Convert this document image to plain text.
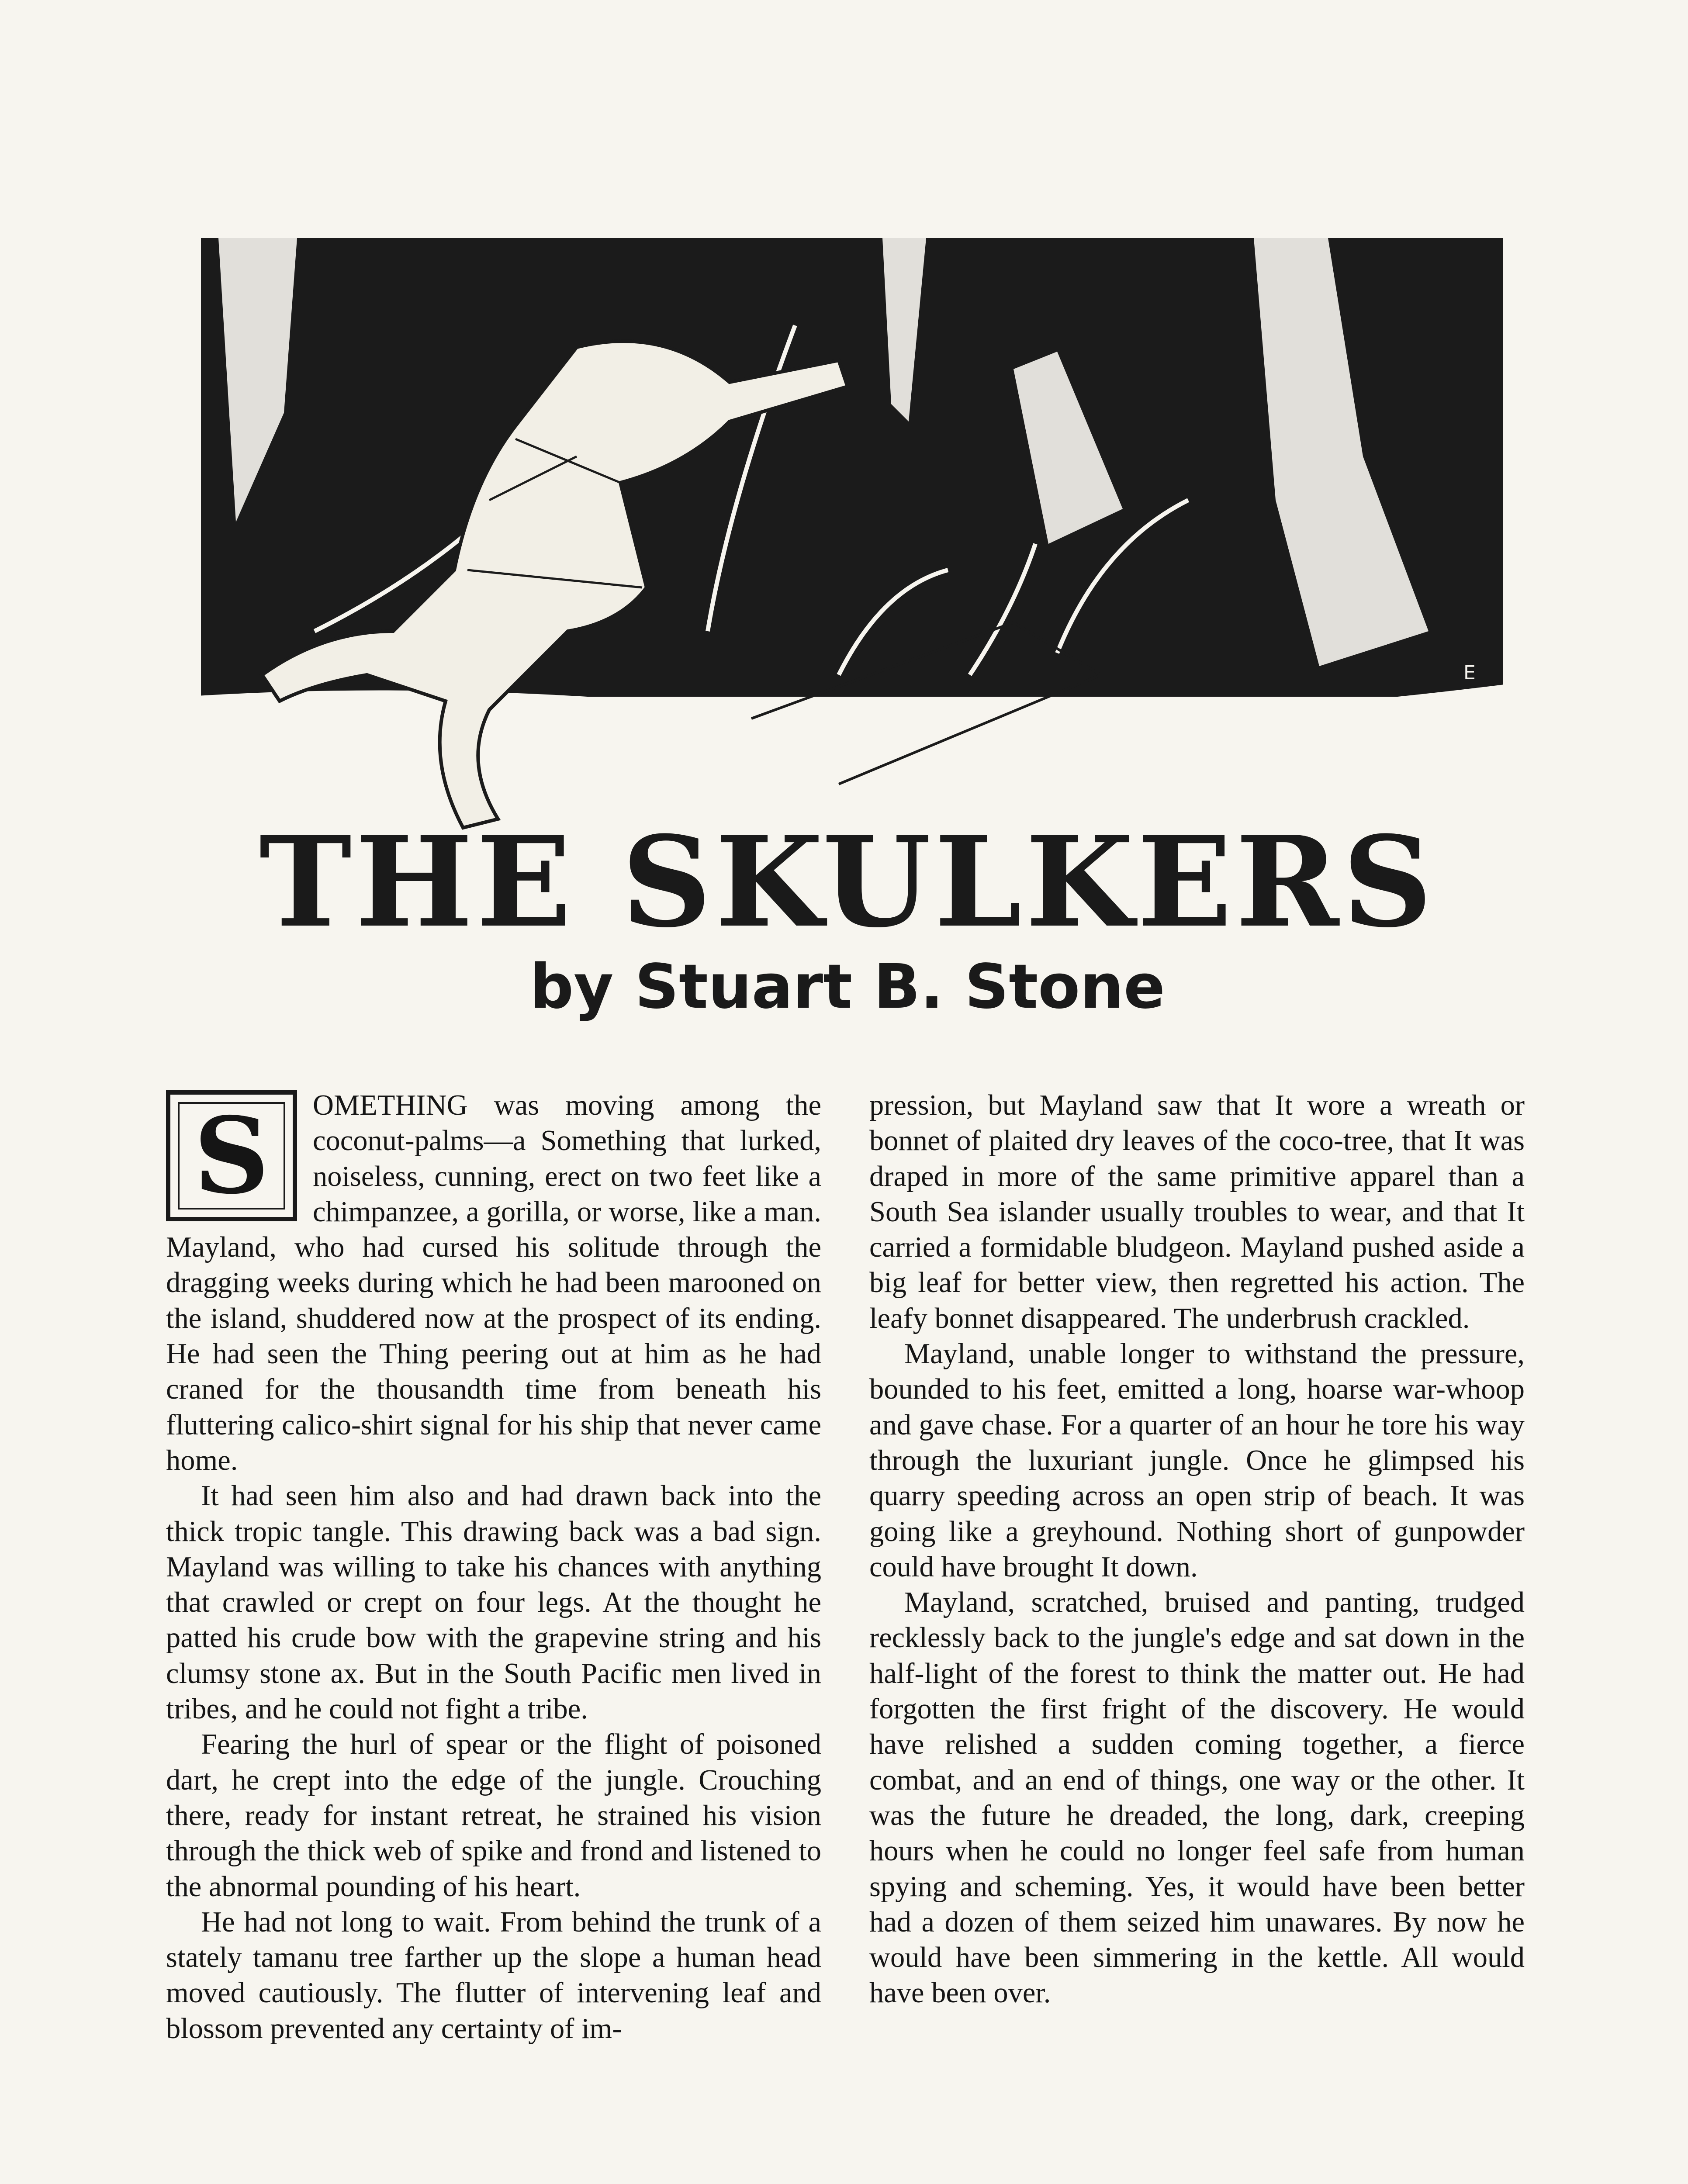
E
THE SKULKERS
by Stuart B. Stone

S	OMETHING was moving among the coconut-palms—a Something that lurked, noiseless, cunning, erect on two feet like a chimpanzee, a gorilla, or worse, like a man. Mayland, who had cursed his solitude through the dragging weeks during which he had been marooned on the island, shuddered now at the prospect of its ending. He had seen the Thing peering out at him as he had craned for the thousandth time from beneath his fluttering calico-shirt signal for his ship that never came home.

It had seen him also and had drawn back into the thick tropic tangle. This drawing back was a bad sign. Mayland was willing to take his chances with anything that crawled or crept on four legs. At the thought he patted his crude bow with the grapevine string and his clumsy stone ax. But in the South Pacific men lived in tribes, and he could not fight a tribe.

Fearing the hurl of spear or the flight of poisoned dart, he crept into the edge of the jungle. Crouching there, ready for instant retreat, he strained his vision through the thick web of spike and frond and listened to the abnormal pounding of his heart.

He had not long to wait. From behind the trunk of a stately tamanu tree farther up the slope a human head moved cautiously. The flutter of intervening leaf and blossom prevented any certainty of im-

pression, but Mayland saw that It wore a wreath or bonnet of plaited dry leaves of the coco-tree, that It was draped in more of the same primitive apparel than a South Sea islander usually troubles to wear, and that It carried a formidable bludgeon. Mayland pushed aside a big leaf for better view, then regretted his action. The leafy bonnet disappeared. The underbrush crackled.

Mayland, unable longer to withstand the pressure, bounded to his feet, emitted a long, hoarse war-whoop and gave chase. For a quarter of an hour he tore his way through the luxuriant jungle. Once he glimpsed his quarry speeding across an open strip of beach. It was going like a greyhound. Nothing short of gunpowder could have brought It down.

Mayland, scratched, bruised and panting, trudged recklessly back to the jungle's edge and sat down in the half-light of the forest to think the matter out. He had forgotten the first fright of the discovery. He would have relished a sudden coming together, a fierce combat, and an end of things, one way or the other. It was the future he dreaded, the long, dark, creeping hours when he could no longer feel safe from human spying and scheming. Yes, it would have been better had a dozen of them seized him unawares. By now he would have been simmering in the kettle. All would have been over.
